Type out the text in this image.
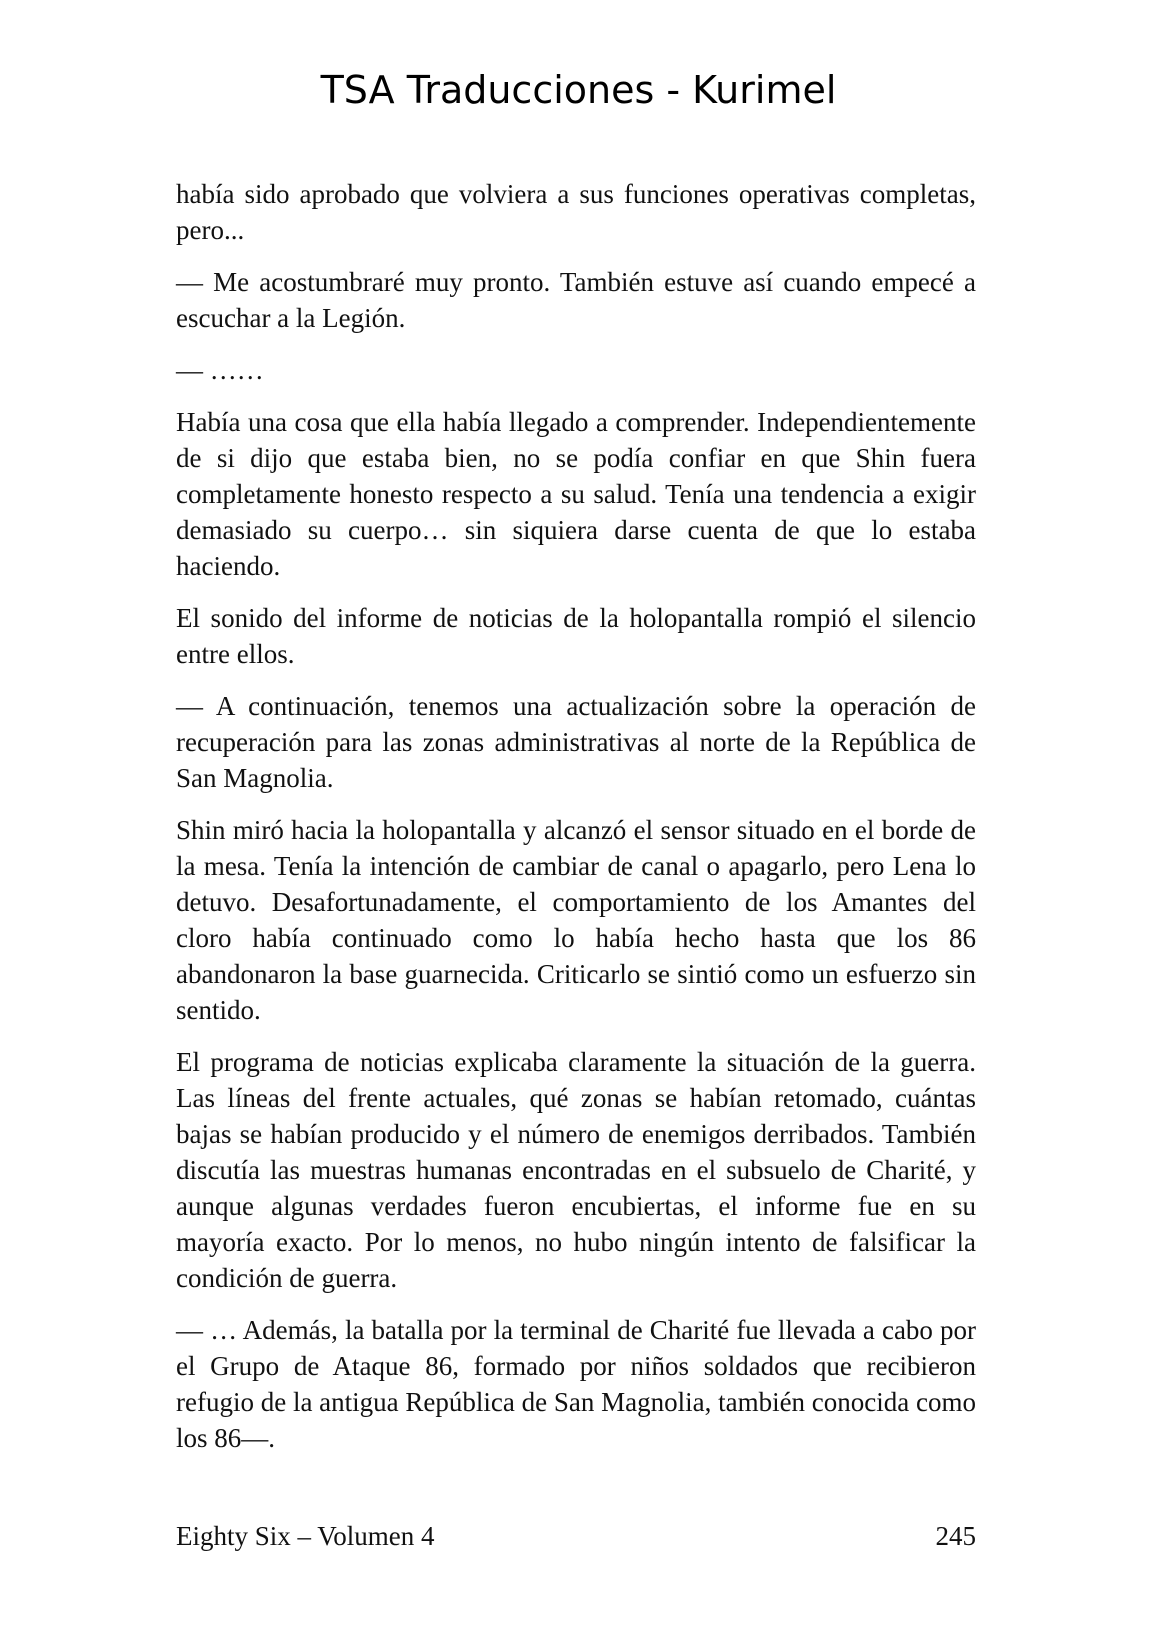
TSA Traducciones - Kurimel

había sido aprobado que volviera a sus funciones operativas completas, pero...

— Me acostumbraré muy pronto. También estuve así cuando empecé a escuchar a la Legión.

— ……

Había una cosa que ella había llegado a comprender. Independientemente de si dijo que estaba bien, no se podía confiar en que Shin fuera completamente honesto respecto a su salud. Tenía una tendencia a exigir demasiado su cuerpo… sin siquiera darse cuenta de que lo estaba haciendo.

El sonido del informe de noticias de la holopantalla rompió el silencio entre ellos.

— A continuación, tenemos una actualización sobre la operación de recuperación para las zonas administrativas al norte de la República de San Magnolia.

Shin miró hacia la holopantalla y alcanzó el sensor situado en el borde de la mesa. Tenía la intención de cambiar de canal o apagarlo, pero Lena lo detuvo. Desafortunadamente, el comportamiento de los Amantes del cloro había continuado como lo había hecho hasta que los 86 abandonaron la base guarnecida. Criticarlo se sintió como un esfuerzo sin sentido.

El programa de noticias explicaba claramente la situación de la guerra. Las líneas del frente actuales, qué zonas se habían retomado, cuántas bajas se habían producido y el número de enemigos derribados. También discutía las muestras humanas encontradas en el subsuelo de Charité, y aunque algunas verdades fueron encubiertas, el informe fue en su mayoría exacto. Por lo menos, no hubo ningún intento de falsificar la condición de guerra.

— … Además, la batalla por la terminal de Charité fue llevada a cabo por el Grupo de Ataque 86, formado por niños soldados que recibieron refugio de la antigua República de San Magnolia, también conocida como los 86—.

Eighty Six – Volumen 4	245
